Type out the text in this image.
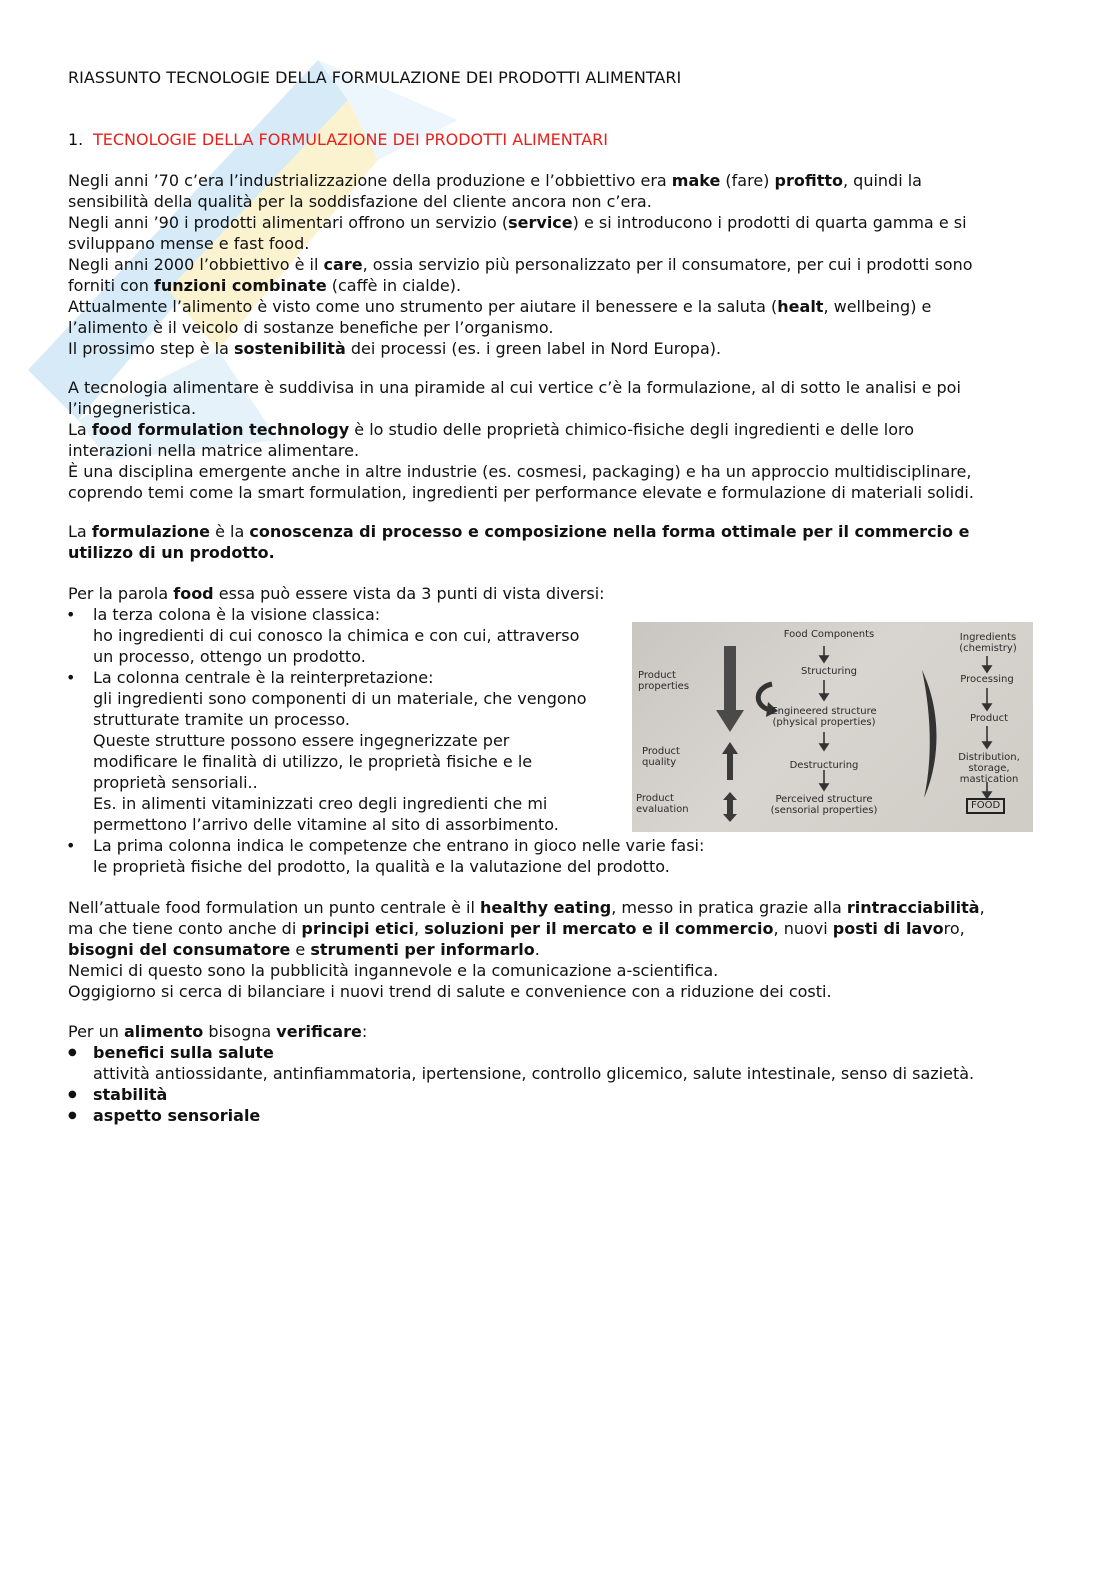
RIASSUNTO TECNOLOGIE DELLA FORMULAZIONE DEI PRODOTTI ALIMENTARI
1. TECNOLOGIE DELLA FORMULAZIONE DEI PRODOTTI ALIMENTARI

Negli anni ’70 c’era l’industrializzazione della produzione e l’obbiettivo era make (fare) profitto, quindi la

sensibilità della qualità per la soddisfazione del cliente ancora non c’era.

Negli anni ’90 i prodotti alimentari offrono un servizio (service) e si introducono i prodotti di quarta gamma e si

sviluppano mense e fast food.

Negli anni 2000 l’obbiettivo è il care, ossia servizio più personalizzato per il consumatore, per cui i prodotti sono

forniti con funzioni combinate (caffè in cialde).

Attualmente l’alimento è visto come uno strumento per aiutare il benessere e la saluta (healt, wellbeing) e

l’alimento è il veicolo di sostanze benefiche per l’organismo.

Il prossimo step è la sostenibilità dei processi (es. i green label in Nord Europa).

A tecnologia alimentare è suddivisa in una piramide al cui vertice c’è la formulazione, al di sotto le analisi e poi

l’ingegneristica.

La food formulation technology è lo studio delle proprietà chimico-fisiche degli ingredienti e delle loro

interazioni nella matrice alimentare.

È una disciplina emergente anche in altre industrie (es. cosmesi, packaging) e ha un approccio multidisciplinare,

coprendo temi come la smart formulation, ingredienti per performance elevate e formulazione di materiali solidi.

La formulazione è la conoscenza di processo e composizione nella forma ottimale per il commercio e

utilizzo di un prodotto.

Per la parola food essa può essere vista da 3 punti di vista diversi:

• la terza colona è la visione classica:
ho ingredienti di cui conosco la chimica e con cui, attraverso
un processo, ottengo un prodotto.
• La colonna centrale è la reinterpretazione:
gli ingredienti sono componenti di un materiale, che vengono
strutturate tramite un processo.
Queste strutture possono essere ingegnerizzate per
modificare le finalità di utilizzo, le proprietà fisiche e le
proprietà sensoriali..
Es. in alimenti vitaminizzati creo degli ingredienti che mi
permettono l’arrivo delle vitamine al sito di assorbimento.
• La prima colonna indica le competenze che entrano in gioco nelle varie fasi:
le proprietà fisiche del prodotto, la qualità e la valutazione del prodotto.

Nell’attuale food formulation un punto centrale è il healthy eating, messo in pratica grazie alla rintracciabilità,

ma che tiene conto anche di principi etici, soluzioni per il mercato e il commercio, nuovi posti di lavoro,

bisogni del consumatore e strumenti per informarlo.

Nemici di questo sono la pubblicità ingannevole e la comunicazione a-scientifica.

Oggigiorno si cerca di bilanciare i nuovi trend di salute e convenience con a riduzione dei costi.

Per un alimento bisogna verificare:

● benefici sulla salute
attività antiossidante, antinfiammatoria, ipertensione, controllo glicemico, salute intestinale, senso di sazietà.
● stabilità
● aspetto sensoriale
Product properties
Product quality
Product evaluation
Food Components
Structuring
Engineered structure (physical properties)
Destructuring
Perceived structure (sensorial properties)
Ingredients (chemistry)
Processing
Product
Distribution, storage, mastication
FOOD
